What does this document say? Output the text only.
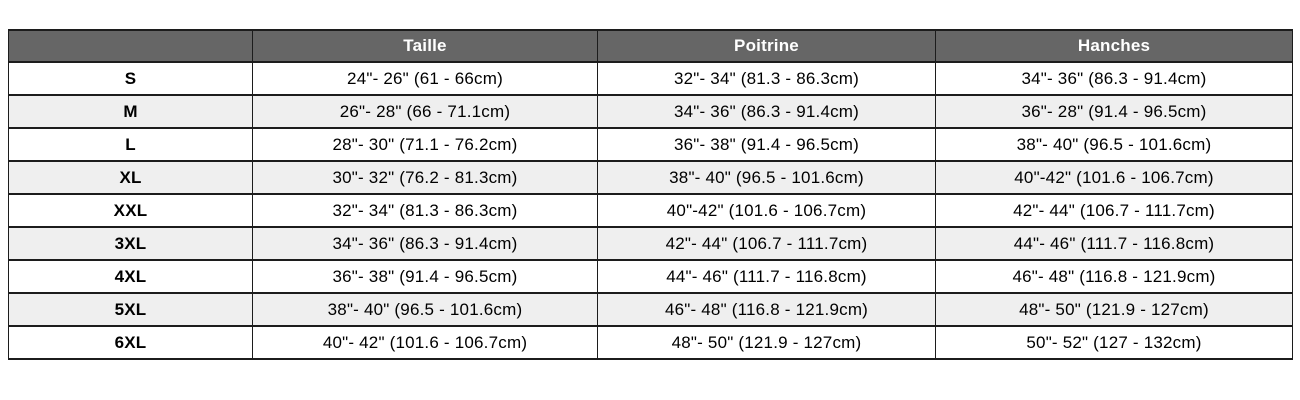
	Taille	Poitrine	Hanches
S	24"- 26" (61 - 66cm)	32"- 34" (81.3 - 86.3cm)	34"- 36" (86.3 - 91.4cm)
M	26"- 28" (66 - 71.1cm)	34"- 36" (86.3 - 91.4cm)	36"- 28" (91.4 - 96.5cm)
L	28"- 30" (71.1 - 76.2cm)	36"- 38" (91.4 - 96.5cm)	38"- 40" (96.5 - 101.6cm)
XL	30"- 32" (76.2 - 81.3cm)	38"- 40" (96.5 - 101.6cm)	40"-42" (101.6 - 106.7cm)
XXL	32"- 34" (81.3 - 86.3cm)	40"-42" (101.6 - 106.7cm)	42"- 44" (106.7 - 111.7cm)
3XL	34"- 36" (86.3 - 91.4cm)	42"- 44" (106.7 - 111.7cm)	44"- 46" (111.7 - 116.8cm)
4XL	36"- 38" (91.4 - 96.5cm)	44"- 46" (111.7 - 116.8cm)	46"- 48" (116.8 - 121.9cm)
5XL	38"- 40" (96.5 - 101.6cm)	46"- 48" (116.8 - 121.9cm)	48"- 50" (121.9 - 127cm)
6XL	40"- 42" (101.6 - 106.7cm)	48"- 50" (121.9 - 127cm)	50"- 52" (127 - 132cm)
